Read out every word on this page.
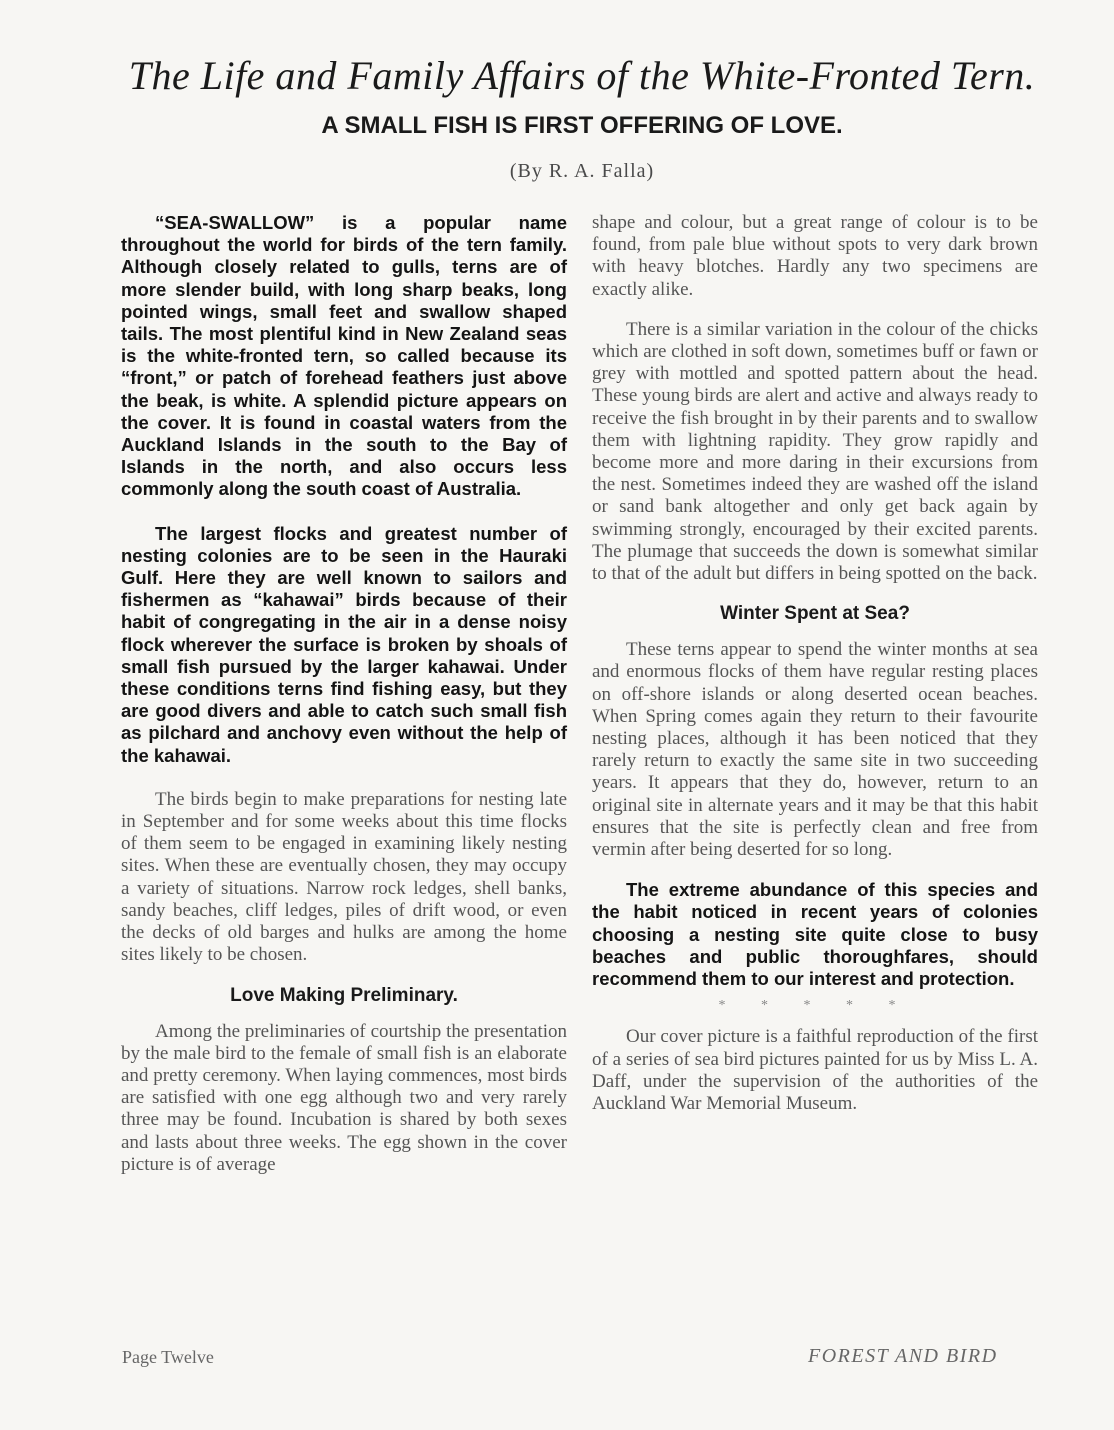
The Life and Family Affairs of the White-Fronted Tern.
A SMALL FISH IS FIRST OFFERING OF LOVE.
(By R. A. Falla)

“SEA-SWALLOW” is a popular name throughout the world for birds of the tern family. Although closely related to gulls, terns are of more slender build, with long sharp beaks, long pointed wings, small feet and swallow shaped tails. The most plentiful kind in New Zealand seas is the white-fronted tern, so called because its “front,” or patch of forehead feathers just above the beak, is white. A splendid picture appears on the cover. It is found in coastal waters from the Auckland Islands in the south to the Bay of Islands in the north, and also occurs less commonly along the south coast of Australia.

The largest flocks and greatest number of nesting colonies are to be seen in the Hauraki Gulf. Here they are well known to sailors and fishermen as “kahawai” birds because of their habit of congregating in the air in a dense noisy flock wherever the surface is broken by shoals of small fish pursued by the larger kahawai. Under these conditions terns find fishing easy, but they are good divers and able to catch such small fish as pilchard and anchovy even without the help of the kahawai.

The birds begin to make preparations for nesting late in September and for some weeks about this time flocks of them seem to be engaged in examining likely nesting sites. When these are eventually chosen, they may occupy a variety of situations. Narrow rock ledges, shell banks, sandy beaches, cliff ledges, piles of drift wood, or even the decks of old barges and hulks are among the home sites likely to be chosen.

Love Making Preliminary.

Among the preliminaries of courtship the presentation by the male bird to the female of small fish is an elaborate and pretty ceremony. When laying commences, most birds are satisfied with one egg although two and very rarely three may be found. Incubation is shared by both sexes and lasts about three weeks. The egg shown in the cover picture is of average

shape and colour, but a great range of colour is to be found, from pale blue without spots to very dark brown with heavy blotches. Hardly any two specimens are exactly alike.

There is a similar variation in the colour of the chicks which are clothed in soft down, sometimes buff or fawn or grey with mottled and spotted pattern about the head. These young birds are alert and active and always ready to receive the fish brought in by their parents and to swallow them with lightning rapidity. They grow rapidly and become more and more daring in their excursions from the nest. Sometimes indeed they are washed off the island or sand bank altogether and only get back again by swimming strongly, encouraged by their excited parents. The plumage that succeeds the down is somewhat similar to that of the adult but differs in being spotted on the back.

Winter Spent at Sea?

These terns appear to spend the winter months at sea and enormous flocks of them have regular resting places on off-shore islands or along deserted ocean beaches. When Spring comes again they return to their favourite nesting places, although it has been noticed that they rarely return to exactly the same site in two succeeding years. It appears that they do, however, return to an original site in alternate years and it may be that this habit ensures that the site is perfectly clean and free from vermin after being deserted for so long.

The extreme abundance of this species and the habit noticed in recent years of colonies choosing a nesting site quite close to busy beaches and public thoroughfares, should recommend them to our interest and protection.

* * * * *

Our cover picture is a faithful reproduction of the first of a series of sea bird pictures painted for us by Miss L. A. Daff, under the supervision of the authorities of the Auckland War Memorial Museum.

Page Twelve	FOREST AND BIRD
